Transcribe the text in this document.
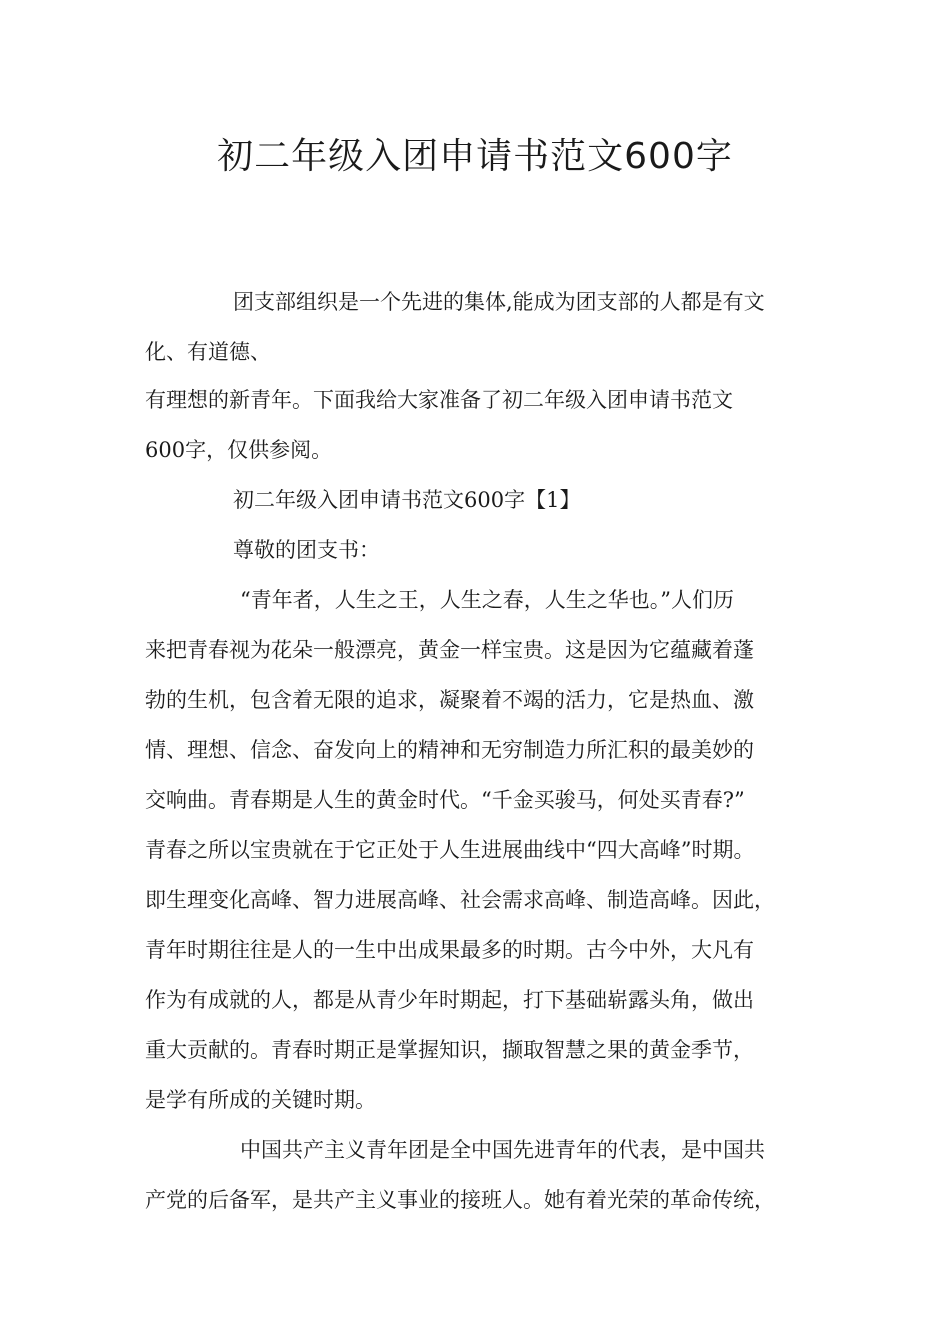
初二年级入团申请书范文600字

团支部组织是一个先进的集体,能成为团支部的人都是有文

化、有道德、

有理想的新青年。下面我给大家准备了初二年级入团申请书范文

600字，仅供参阅。

初二年级入团申请书范文600字【1】

尊敬的团支书：

“青年者，人生之王，人生之春，人生之华也。”人们历

来把青春视为花朵一般漂亮，黄金一样宝贵。这是因为它蕴藏着蓬

勃的生机，包含着无限的追求，凝聚着不竭的活力，它是热血、激

情、理想、信念、奋发向上的精神和无穷制造力所汇积的最美妙的

交响曲。青春期是人生的黄金时代。“千金买骏马，何处买青春?”

青春之所以宝贵就在于它正处于人生进展曲线中“四大高峰”时期。

即生理变化高峰、智力进展高峰、社会需求高峰、制造高峰。因此，

青年时期往往是人的一生中出成果最多的时期。古今中外，大凡有

作为有成就的人，都是从青少年时期起，打下基础崭露头角，做出

重大贡献的。青春时期正是掌握知识，撷取智慧之果的黄金季节，

是学有所成的关键时期。

中国共产主义青年团是全中国先进青年的代表，是中国共

产党的后备军，是共产主义事业的接班人。她有着光荣的革命传统，
